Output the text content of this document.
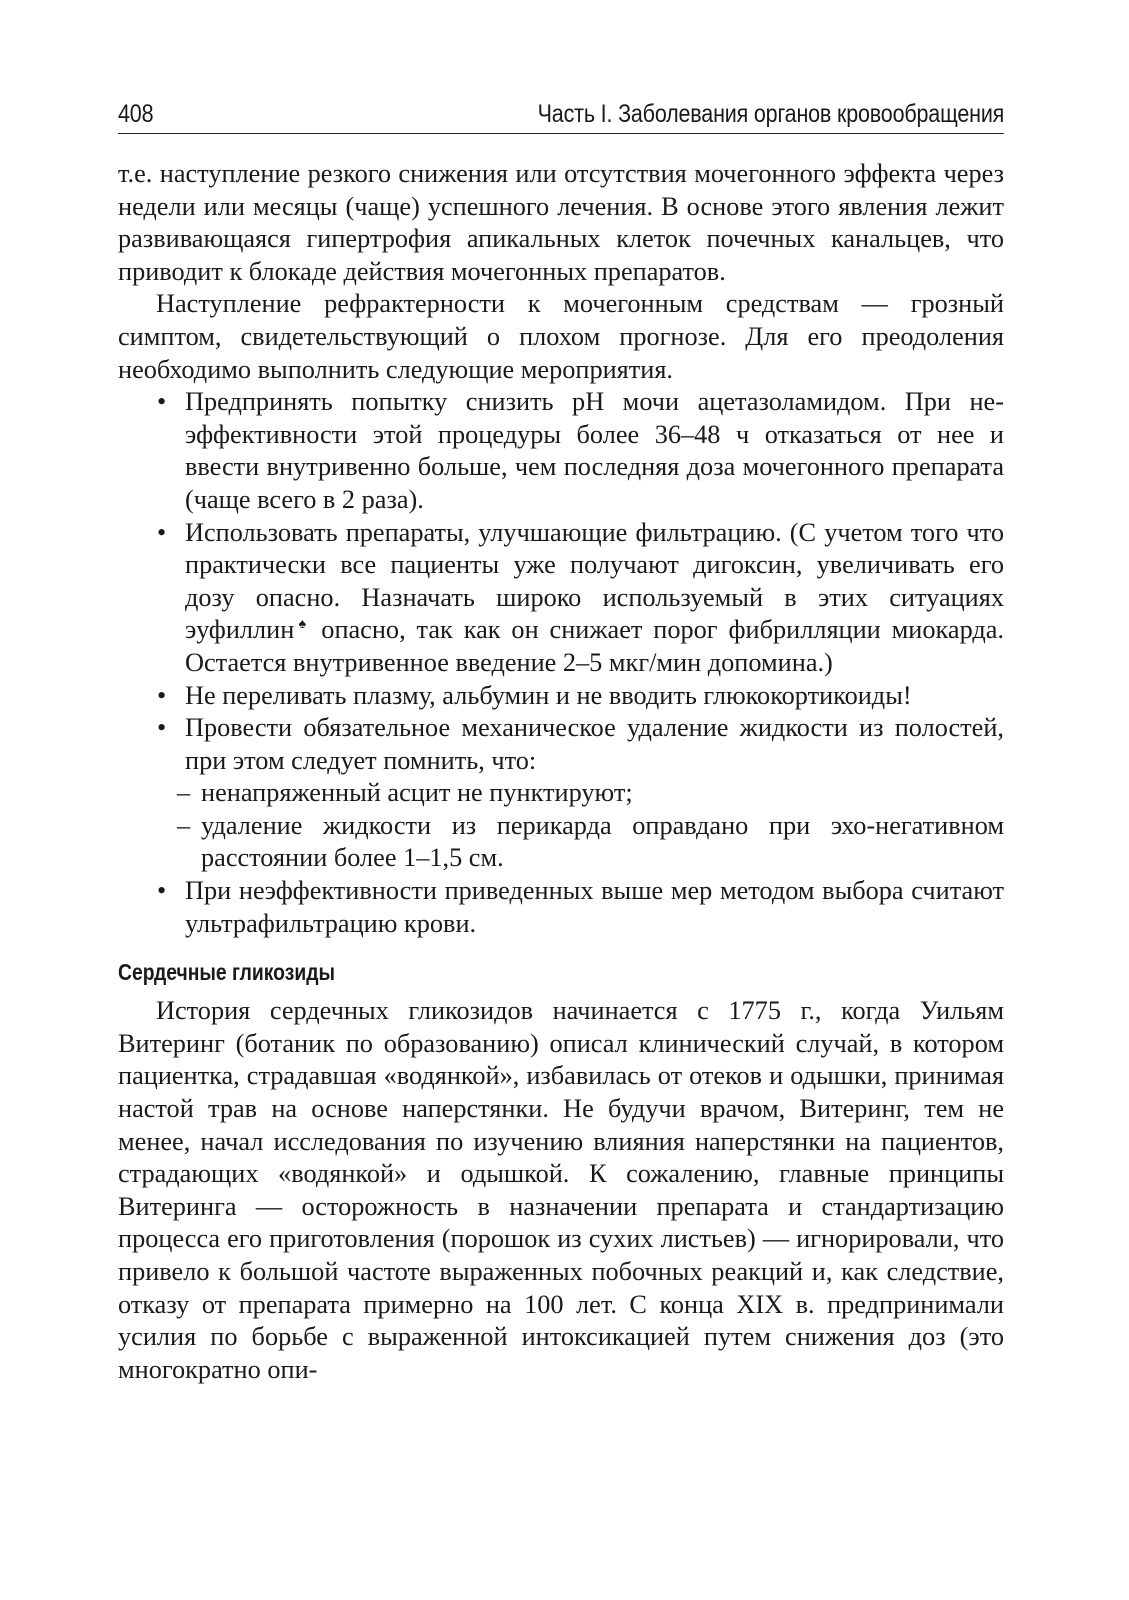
408	Часть I. Заболевания органов кровообращения

т.е. наступление резкого снижения или отсутствия мочегонного эффекта через недели или месяцы (чаще) успешного лечения. В основе этого явления лежит развивающаяся гипертрофия апикальных клеток почечных канальцев, что приводит к блокаде действия мочегонных препаратов.

Наступление рефрактерности к мочегонным средствам — грозный симптом, свидетельствующий о плохом прогнозе. Для его преодоления необходимо выполнить следующие мероприятия.

• Предпринять попытку снизить pH мочи ацетазоламидом. При неэффективности этой процедуры более 36–48 ч отказаться от нее и ввести внутривенно больше, чем последняя доза мочегонного препарата (чаще всего в 2 раза).
• Использовать препараты, улучшающие фильтрацию. (С учетом того что практически все пациенты уже получают дигоксин, увеличивать его дозу опасно. Назначать широко используемый в этих ситуациях эуфиллин♠ опасно, так как он снижает порог фибрилляции миокарда. Остается внутривенное введение 2–5 мкг/мин допомина.)
• Не переливать плазму, альбумин и не вводить глюкокортикоиды!
• Провести обязательное механическое удаление жидкости из полостей, при этом следует помнить, что:
– ненапряженный асцит не пунктируют;
– удаление жидкости из перикарда оправдано при эхо-негативном расстоянии более 1–1,5 см.
• При неэффективности приведенных выше мер методом выбора считают ультрафильтрацию крови.
Сердечные гликозиды

История сердечных гликозидов начинается с 1775 г., когда Уильям Витеринг (ботаник по образованию) описал клинический случай, в котором пациентка, страдавшая «водянкой», избавилась от отеков и одышки, принимая настой трав на основе наперстянки. Не будучи врачом, Витеринг, тем не менее, начал исследования по изучению влияния наперстянки на пациентов, страдающих «водянкой» и одышкой. К сожалению, главные принципы Витеринга — осторожность в назначении препарата и стандартизацию процесса его приготовления (порошок из сухих листьев) — игнорировали, что привело к большой частоте выраженных побочных реакций и, как следствие, отказу от препарата примерно на 100 лет. С конца XIX в. предпринимали усилия по борьбе с выраженной интоксикацией путем снижения доз (это многократно опи-
